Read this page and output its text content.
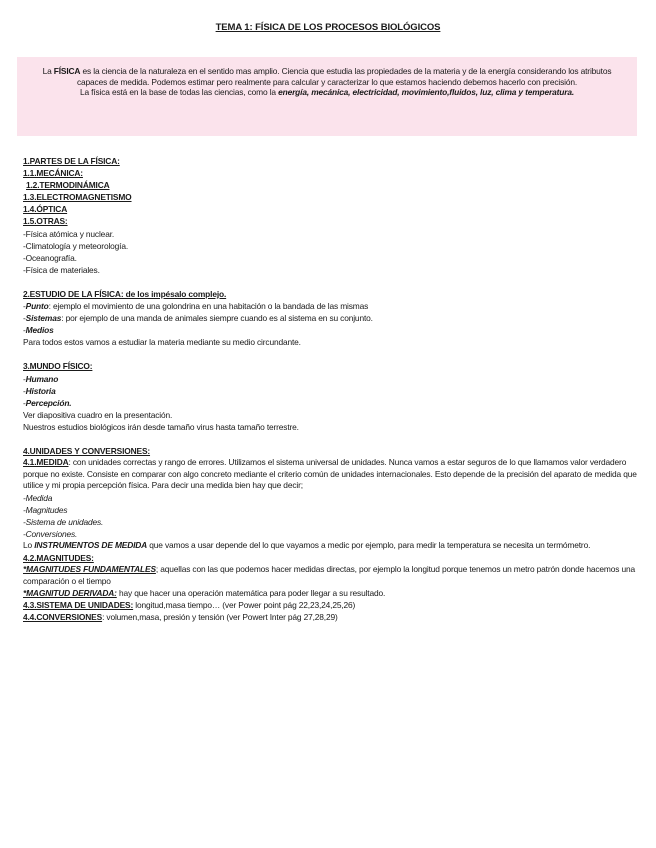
TEMA 1: FÍSICA DE LOS PROCESOS BIOLÓGICOS

La FÍSICA es la ciencia de la naturaleza en el sentido mas amplio. Ciencia que estudia las propiedades de la materia y de la energía considerando los atributos capaces de medida. Podemos estimar pero realmente para calcular y caracterizar lo que estamos haciendo debemos hacerlo con precisión.

La física está en la base de todas las ciencias, como la energía, mecánica, electricidad, movimiento,fluidos, luz, clima y temperatura.

1.PARTES DE LA FÍSICA:

1.1.MECÁNICA:

1.2.TERMODINÁMICA

1.3.ELECTROMAGNETISMO

1.4.ÓPTICA

1.5.OTRAS:

-Física atómica y nuclear.

-Climatología y meteorología.

-Oceanografía.

-Física de materiales.

2.ESTUDIO DE LA FÍSICA: de los impésalo complejo.

-Punto: ejemplo el movimiento de una golondrina en una habitación o la bandada de las mismas

-Sistemas: por ejemplo de una manda de animales siempre cuando es al sistema en su conjunto.

-Medios

Para todos estos vamos a estudiar la materia mediante su medio circundante.

3.MUNDO FÍSICO:

-Humano

-Historia

-Percepción.

Ver diapositiva cuadro en la presentación.

Nuestros estudios biológicos irán desde tamaño virus hasta tamaño terrestre.

4.UNIDADES Y CONVERSIONES:

4.1.MEDIDA: con unidades correctas y rango de errores. Utilizamos el sistema universal de unidades. Nunca vamos a estar seguros de lo que llamamos valor verdadero porque no existe. Consiste en comparar con algo concreto mediante el criterio común de unidades internacionales. Esto depende de la precisión del aparato de medida que utilice y mi propia percepción física. Para decir una medida bien hay que decir;

-Medida

-Magnitudes

-Sistema de unidades.

-Conversiones.

Lo INSTRUMENTOS DE MEDIDA que vamos a usar depende del lo que vayamos a medic por ejemplo, para medir la temperatura se necesita un termómetro.

4.2.MAGNITUDES:

*MAGNITUDES FUNDAMENTALES; aquellas con las que podemos hacer medidas directas, por ejemplo la longitud porque tenemos un metro patrón donde hacemos una comparación o el tiempo

*MAGNITUD DERIVADA: hay que hacer una operación matemática para poder llegar a su resultado.

4.3.SISTEMA DE UNIDADES: longitud,masa tiempo… (ver Power point pág 22,23,24,25,26)

4.4.CONVERSIONES: volumen,masa, presión y tensión (ver Powert Inter pág 27,28,29)
